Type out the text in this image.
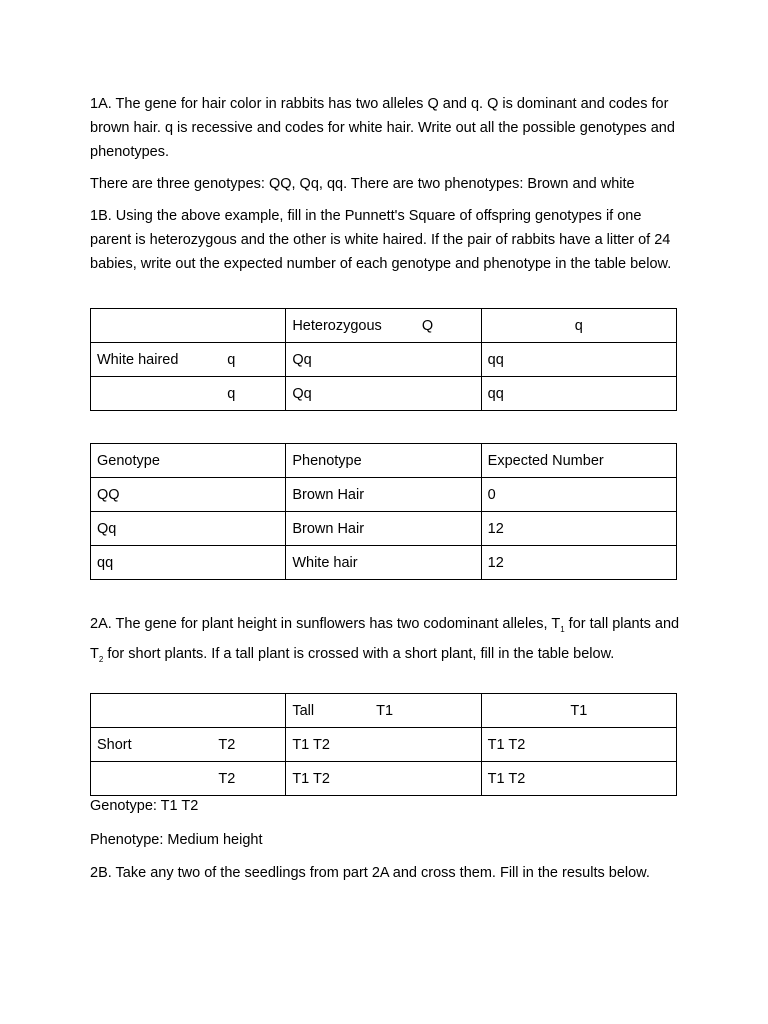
1A. The gene for hair color in rabbits has two alleles Q and q. Q is dominant and codes for brown hair. q is recessive and codes for white hair. Write out all the possible genotypes and phenotypes.

There are three genotypes: QQ, Qq, qq. There are two phenotypes: Brown and white

1B. Using the above example, fill in the Punnett's Square of offspring genotypes if one parent is heterozygous and the other is white haired. If the pair of rabbits have a litter of 24 babies, write out the expected number of each genotype and phenotype in the table below.

	Heterozygous Q	q

White haired q	Qq	qq

q	Qq	qq
Genotype	Phenotype	Expected Number
QQ	Brown Hair	0
Qq	Brown Hair	12
qq	White hair	12

2A. The gene for plant height in sunflowers has two codominant alleles, $T_1$ for tall plants and $T_2$ for short plants. If a tall plant is crossed with a short plant, fill in the table below.

	Tall T1	T1

Short T2	T1 T2	T1 T2

T2	T1 T2	T1 T2

Genotype: T1 T2

Phenotype: Medium height

2B. Take any two of the seedlings from part 2A and cross them. Fill in the results below.
